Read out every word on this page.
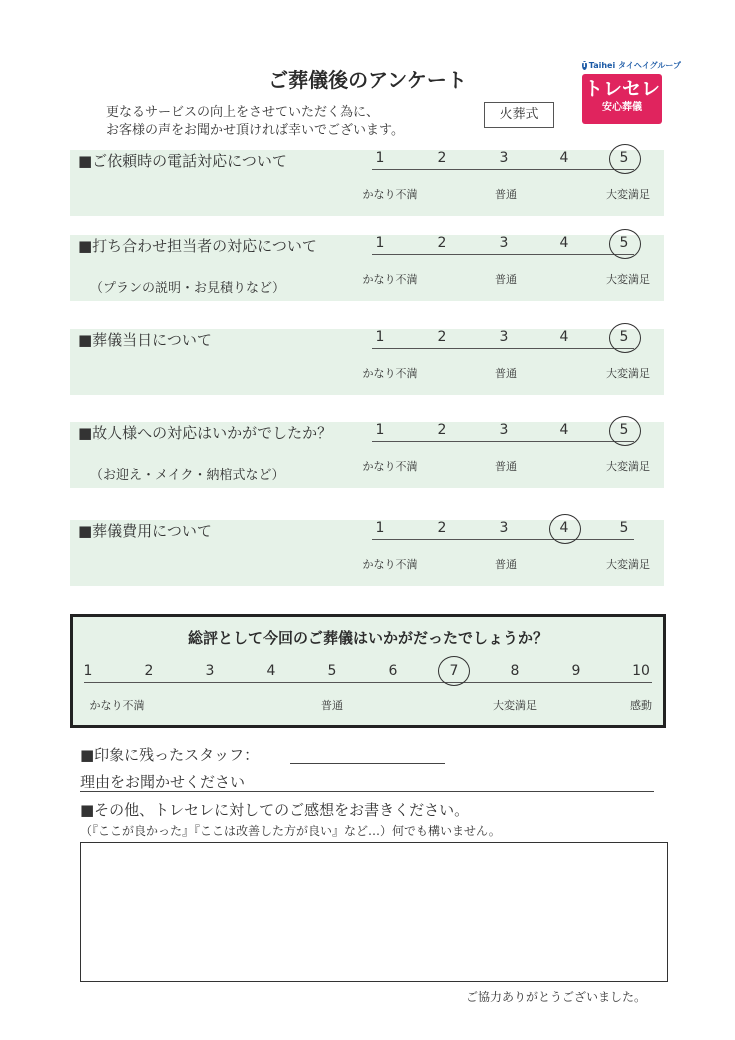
ご葬儀後のアンケート
更なるサービスの向上をさせていただく為に、
お客様の声をお聞かせ頂ければ幸いでございます。
火葬式
T Taihei タイヘイグループ
トレセレ
安心葬儀
■ご依頼時の電話対応について	1	2	3	4	5
かなり不満	普通	大変満足
■打ち合わせ担当者の対応について
（プランの説明・お見積りなど）
1	2	3	4	5
かなり不満	普通	大変満足
■葬儀当日について	1	2	3	4	5
かなり不満	普通	大変満足
■故人様への対応はいかがでしたか？
（お迎え・メイク・納棺式など）
1	2	3	4	5
かなり不満	普通	大変満足
■葬儀費用について	1	2	3	4	5
かなり不満	普通	大変満足
総評として今回のご葬儀はいかがだったでしょうか？
1	2	3	4	5	6	7	8	9	10
かなり不満	普通	大変満足	感動
■印象に残ったスタッフ：
理由をお聞かせください
■その他、トレセレに対してのご感想をお書きください。
（『ここが良かった』『ここは改善した方が良い』など…）何でも構いません。
ご協力ありがとうございました。
